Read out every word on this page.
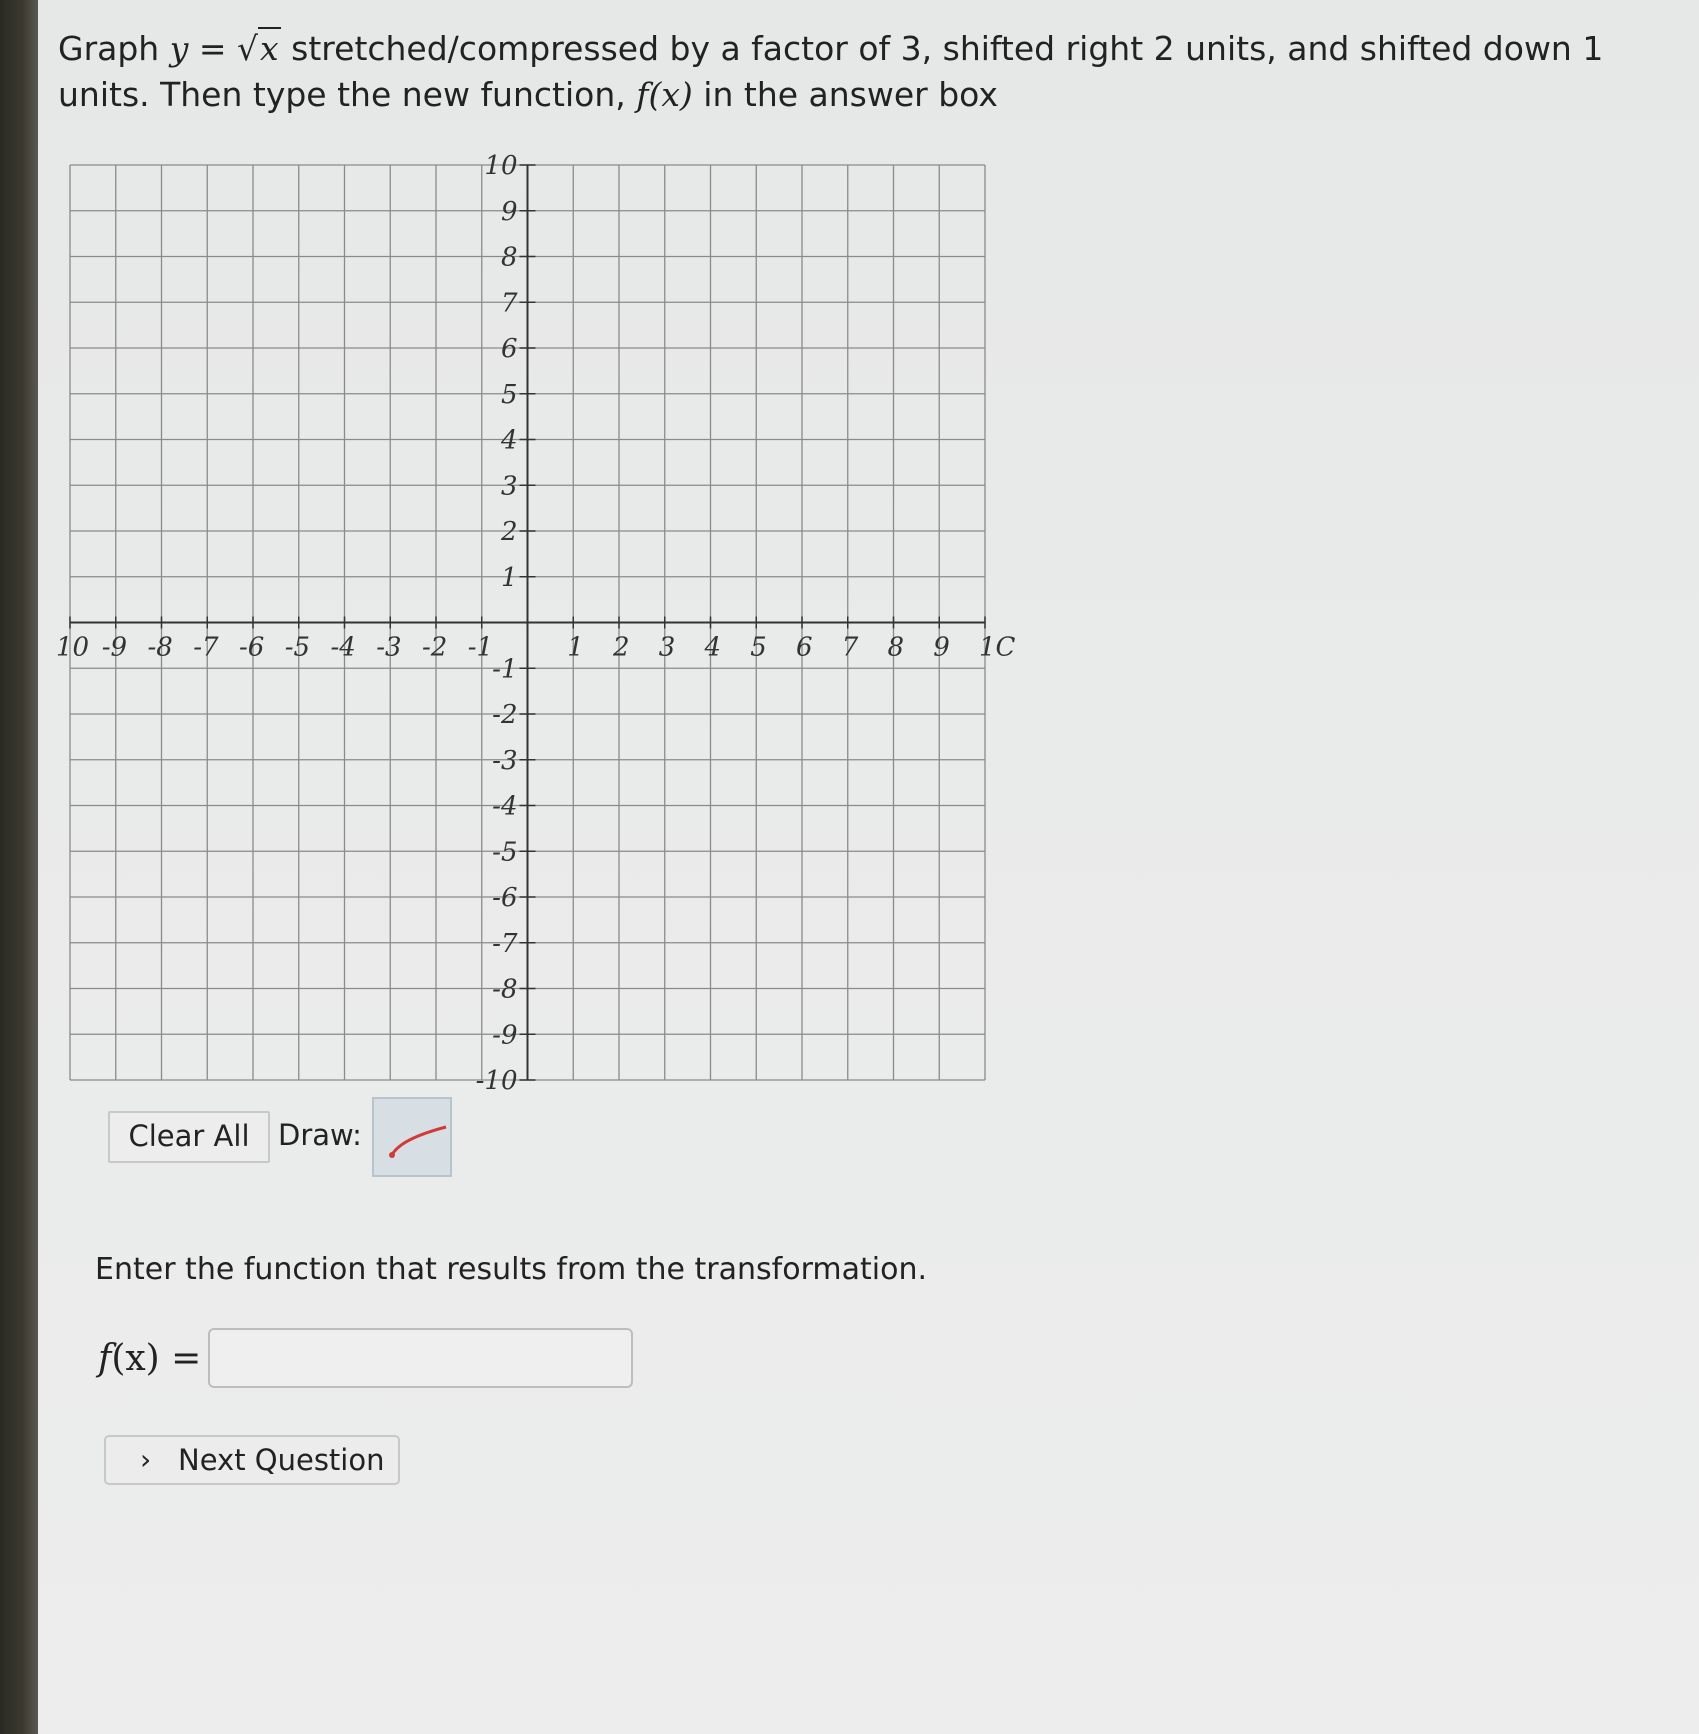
Graph y = √x stretched/compressed by a factor of 3, shifted right 2 units, and shifted down 1 units. Then type the new function, f(x) in the answer box
10 -9 -8 -7 -6 -5 -4 -3 -2 -1	1 2 3 4 5 6 7 8 9 1C
10
9
8
7
6
5
4
3
2
1
-1
-2
-3
-4
-5
-6
-7
-8
-9
-10
Clear All Draw:
Enter the function that results from the transformation.
f(x) =
› Next Question
